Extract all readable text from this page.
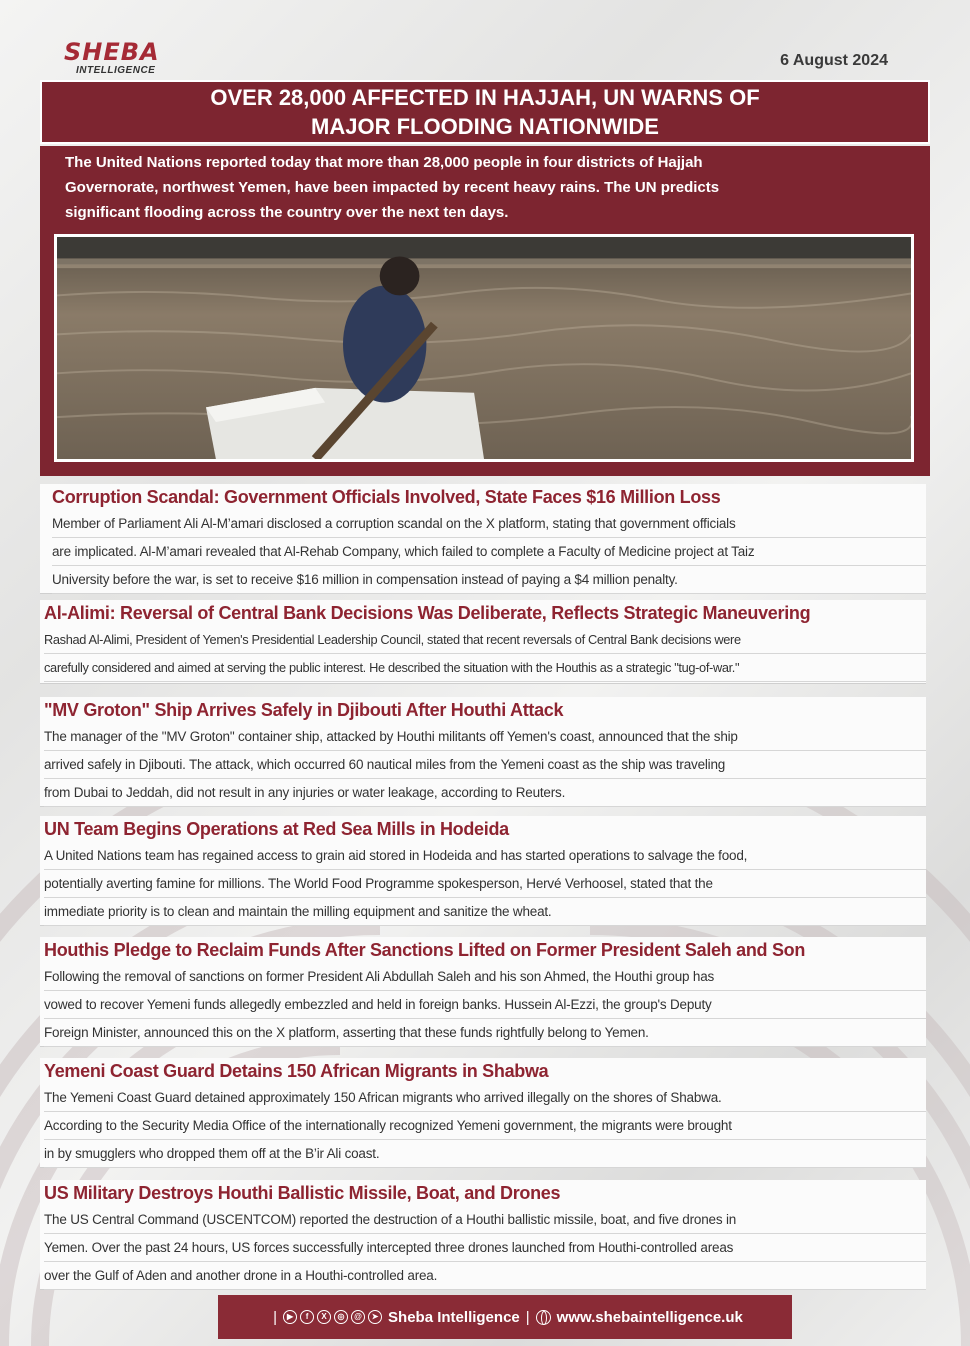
SHEBA
INTELLIGENCE
6 August 2024
OVER 28,000 AFFECTED IN HAJJAH, UN WARNS OF MAJOR FLOODING NATIONWIDE
The United Nations reported today that more than 28,000 people in four districts of Hajjah
Governorate, northwest Yemen, have been impacted by recent heavy rains. The UN predicts
significant flooding across the country over the next ten days.
Corruption Scandal: Government Officials Involved, State Faces $16 Million Loss

Member of Parliament Ali Al-M’amari disclosed a corruption scandal on the X platform, stating that government officials

are implicated. Al-M’amari revealed that Al-Rehab Company, which failed to complete a Faculty of Medicine project at Taiz

University before the war, is set to receive $16 million in compensation instead of paying a $4 million penalty.

Al-Alimi: Reversal of Central Bank Decisions Was Deliberate, Reflects Strategic Maneuvering

Rashad Al-Alimi, President of Yemen's Presidential Leadership Council, stated that recent reversals of Central Bank decisions were

carefully considered and aimed at serving the public interest. He described the situation with the Houthis as a strategic "tug-of-war."

"MV Groton" Ship Arrives Safely in Djibouti After Houthi Attack

The manager of the "MV Groton" container ship, attacked by Houthi militants off Yemen's coast, announced that the ship

arrived safely in Djibouti. The attack, which occurred 60 nautical miles from the Yemeni coast as the ship was traveling

from Dubai to Jeddah, did not result in any injuries or water leakage, according to Reuters.

UN Team Begins Operations at Red Sea Mills in Hodeida

A United Nations team has regained access to grain aid stored in Hodeida and has started operations to salvage the food,

potentially averting famine for millions. The World Food Programme spokesperson, Hervé Verhoosel, stated that the

immediate priority is to clean and maintain the milling equipment and sanitize the wheat.

Houthis Pledge to Reclaim Funds After Sanctions Lifted on Former President Saleh and Son

Following the removal of sanctions on former President Ali Abdullah Saleh and his son Ahmed, the Houthi group has

vowed to recover Yemeni funds allegedly embezzled and held in foreign banks. Hussein Al-Ezzi, the group's Deputy

Foreign Minister, announced this on the X platform, asserting that these funds rightfully belong to Yemen.

Yemeni Coast Guard Detains 150 African Migrants in Shabwa

The Yemeni Coast Guard detained approximately 150 African migrants who arrived illegally on the shores of Shabwa.

According to the Security Media Office of the internationally recognized Yemeni government, the migrants were brought

in by smugglers who dropped them off at the B’ir Ali coast.

US Military Destroys Houthi Ballistic Missile, Boat, and Drones

The US Central Command (USCENTCOM) reported the destruction of a Houthi ballistic missile, boat, and five drones in

Yemen. Over the past 24 hours, US forces successfully intercepted three drones launched from Houthi-controlled areas

over the Gulf of Aden and another drone in a Houthi-controlled area.

|	▶	f	X	◎	@	➤ Sheba Intelligence | www.shebaintelligence.uk
